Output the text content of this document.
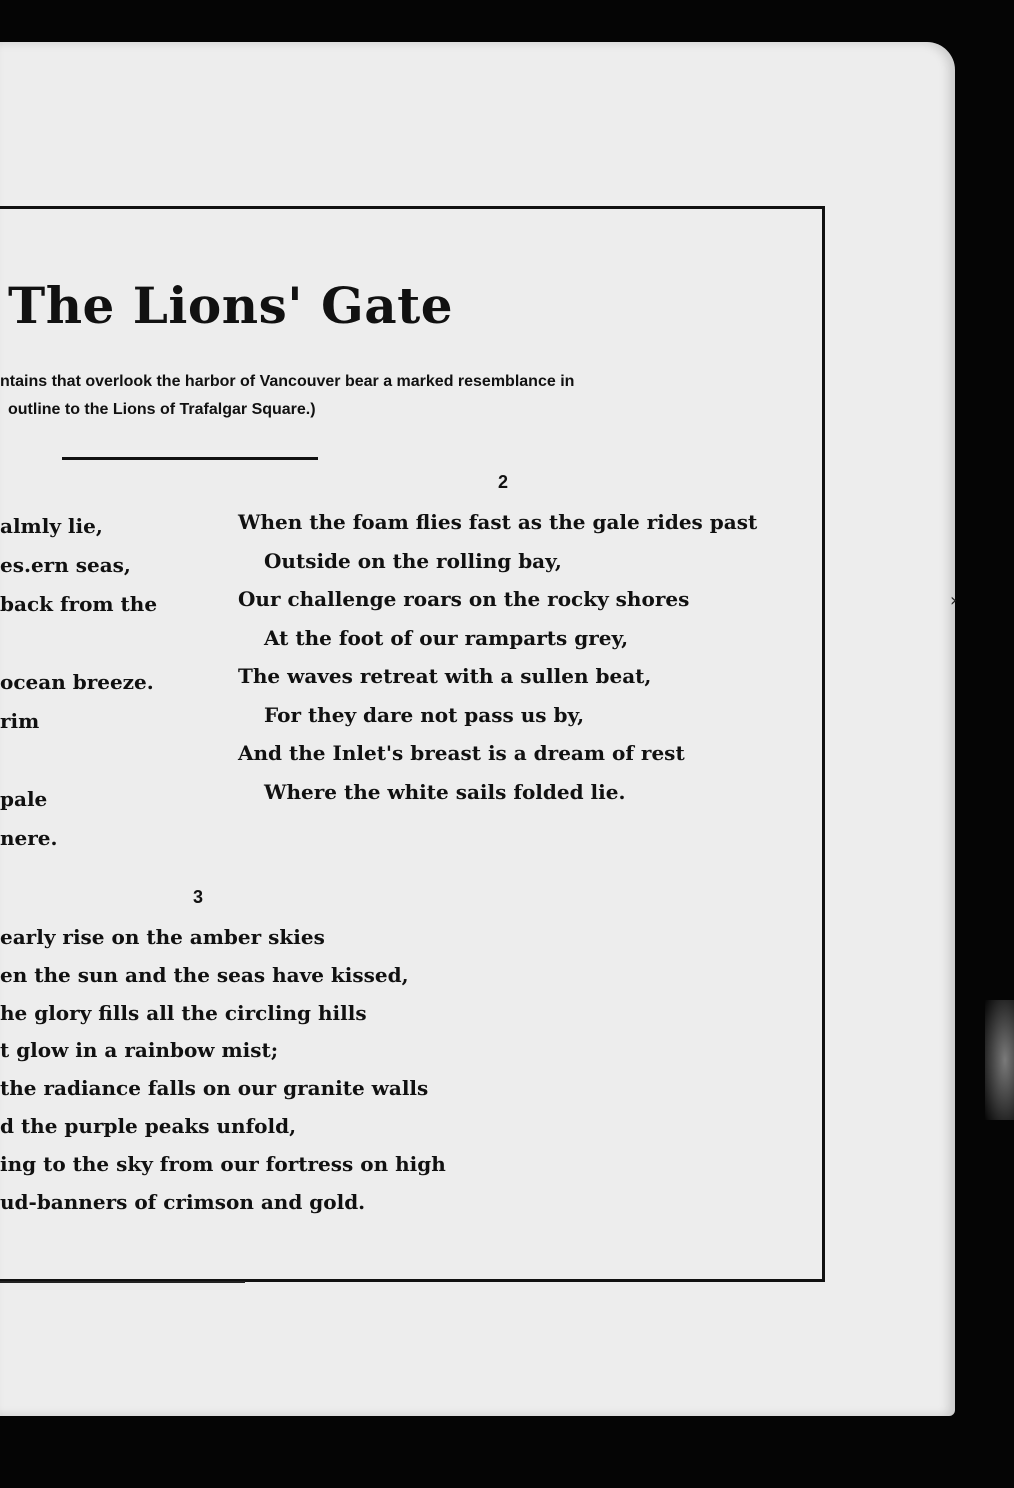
The Lions' Gate
ntains that overlook the harbor of Vancouver bear a marked resemblance in
outline to the Lions of Trafalgar Square.)
almly lie,
es.ern seas,
back from the
ocean breeze.
rim
pale
nere.
2
When the foam flies fast as the gale rides past
Outside on the rolling bay,
Our challenge roars on the rocky shores
At the foot of our ramparts grey,
The waves retreat with a sullen beat,
For they dare not pass us by,
And the Inlet's breast is a dream of rest
Where the white sails folded lie.
3
early rise on the amber skies
en the sun and the seas have kissed,
he glory fills all the circling hills
t glow in a rainbow mist;
the radiance falls on our granite walls
d the purple peaks unfold,
ing to the sky from our fortress on high
ud-banners of crimson and gold.
›
